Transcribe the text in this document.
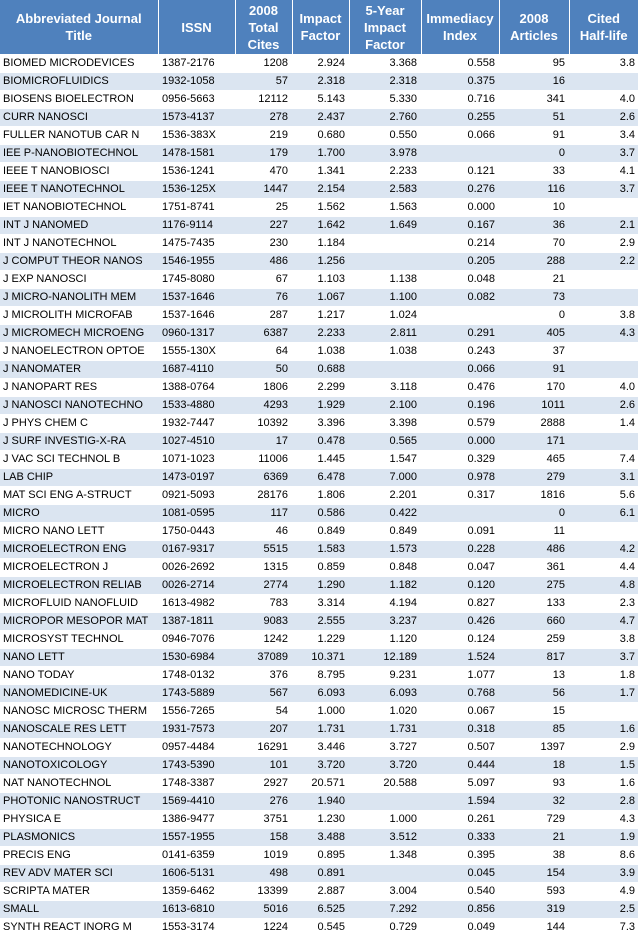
Abbreviated Journal Title	ISSN	2008 Total Cites	Impact Factor	5-Year Impact Factor	Immediacy Index	2008 Articles	Cited Half-life
BIOMED MICRODEVICES	1387-2176	1208	2.924	3.368	0.558	95	3.8
BIOMICROFLUIDICS	1932-1058	57	2.318	2.318	0.375	16	
BIOSENS BIOELECTRON	0956-5663	12112	5.143	5.330	0.716	341	4.0
CURR NANOSCI	1573-4137	278	2.437	2.760	0.255	51	2.6
FULLER NANOTUB CAR N	1536-383X	219	0.680	0.550	0.066	91	3.4
IEE P-NANOBIOTECHNOL	1478-1581	179	1.700	3.978		0	3.7
IEEE T NANOBIOSCI	1536-1241	470	1.341	2.233	0.121	33	4.1
IEEE T NANOTECHNOL	1536-125X	1447	2.154	2.583	0.276	116	3.7
IET NANOBIOTECHNOL	1751-8741	25	1.562	1.563	0.000	10	
INT J NANOMED	1176-9114	227	1.642	1.649	0.167	36	2.1
INT J NANOTECHNOL	1475-7435	230	1.184		0.214	70	2.9
J COMPUT THEOR NANOS	1546-1955	486	1.256		0.205	288	2.2
J EXP NANOSCI	1745-8080	67	1.103	1.138	0.048	21	
J MICRO-NANOLITH MEM	1537-1646	76	1.067	1.100	0.082	73	
J MICROLITH MICROFAB	1537-1646	287	1.217	1.024		0	3.8
J MICROMECH MICROENG	0960-1317	6387	2.233	2.811	0.291	405	4.3
J NANOELECTRON OPTOE	1555-130X	64	1.038	1.038	0.243	37	
J NANOMATER	1687-4110	50	0.688		0.066	91	
J NANOPART RES	1388-0764	1806	2.299	3.118	0.476	170	4.0
J NANOSCI NANOTECHNO	1533-4880	4293	1.929	2.100	0.196	1011	2.6
J PHYS CHEM C	1932-7447	10392	3.396	3.398	0.579	2888	1.4
J SURF INVESTIG-X-RA	1027-4510	17	0.478	0.565	0.000	171	
J VAC SCI TECHNOL B	1071-1023	11006	1.445	1.547	0.329	465	7.4
LAB CHIP	1473-0197	6369	6.478	7.000	0.978	279	3.1
MAT SCI ENG A-STRUCT	0921-5093	28176	1.806	2.201	0.317	1816	5.6
MICRO	1081-0595	117	0.586	0.422		0	6.1
MICRO NANO LETT	1750-0443	46	0.849	0.849	0.091	11	
MICROELECTRON ENG	0167-9317	5515	1.583	1.573	0.228	486	4.2
MICROELECTRON J	0026-2692	1315	0.859	0.848	0.047	361	4.4
MICROELECTRON RELIAB	0026-2714	2774	1.290	1.182	0.120	275	4.8
MICROFLUID NANOFLUID	1613-4982	783	3.314	4.194	0.827	133	2.3
MICROPOR MESOPOR MAT	1387-1811	9083	2.555	3.237	0.426	660	4.7
MICROSYST TECHNOL	0946-7076	1242	1.229	1.120	0.124	259	3.8
NANO LETT	1530-6984	37089	10.371	12.189	1.524	817	3.7
NANO TODAY	1748-0132	376	8.795	9.231	1.077	13	1.8
NANOMEDICINE-UK	1743-5889	567	6.093	6.093	0.768	56	1.7
NANOSC MICROSC THERM	1556-7265	54	1.000	1.020	0.067	15	
NANOSCALE RES LETT	1931-7573	207	1.731	1.731	0.318	85	1.6
NANOTECHNOLOGY	0957-4484	16291	3.446	3.727	0.507	1397	2.9
NANOTOXICOLOGY	1743-5390	101	3.720	3.720	0.444	18	1.5
NAT NANOTECHNOL	1748-3387	2927	20.571	20.588	5.097	93	1.6
PHOTONIC NANOSTRUCT	1569-4410	276	1.940		1.594	32	2.8
PHYSICA E	1386-9477	3751	1.230	1.000	0.261	729	4.3
PLASMONICS	1557-1955	158	3.488	3.512	0.333	21	1.9
PRECIS ENG	0141-6359	1019	0.895	1.348	0.395	38	8.6
REV ADV MATER SCI	1606-5131	498	0.891		0.045	154	3.9
SCRIPTA MATER	1359-6462	13399	2.887	3.004	0.540	593	4.9
SMALL	1613-6810	5016	6.525	7.292	0.856	319	2.5
SYNTH REACT INORG M	1553-3174	1224	0.545	0.729	0.049	144	7.3
